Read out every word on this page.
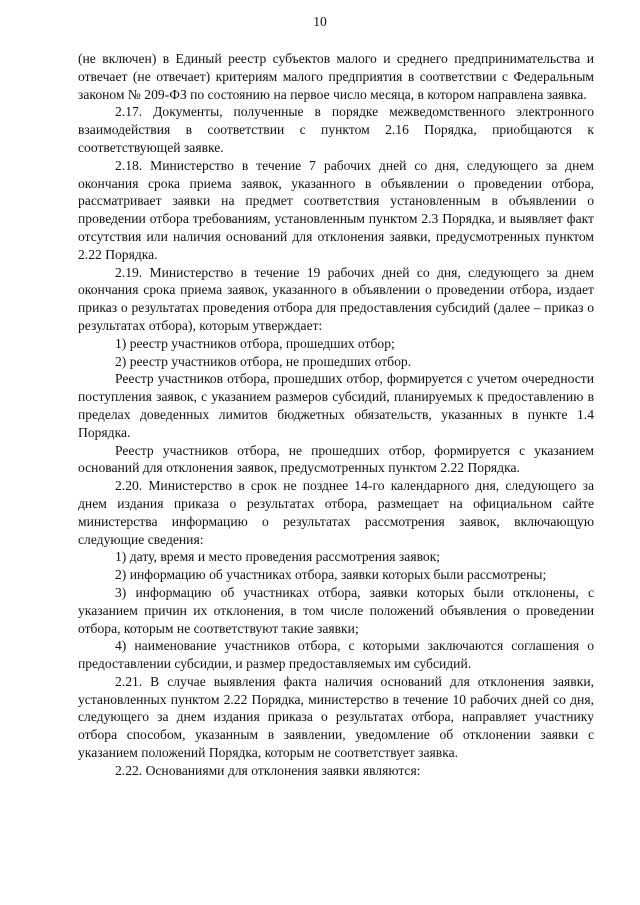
10

(не включен) в Единый реестр субъектов малого и среднего предпринимательства и отвечает (не отвечает) критериям малого предприятия в соответствии с Федеральным законом № 209-ФЗ по состоянию на первое число месяца, в котором направлена заявка.

2.17. Документы, полученные в порядке межведомственного электронного взаимодействия в соответствии с пунктом 2.16 Порядка, приобщаются к соответствующей заявке.

2.18. Министерство в течение 7 рабочих дней со дня, следующего за днем окончания срока приема заявок, указанного в объявлении о проведении отбора, рассматривает заявки на предмет соответствия установленным в объявлении о проведении отбора требованиям, установленным пунктом 2.3 Порядка, и выявляет факт отсутствия или наличия оснований для отклонения заявки, предусмотренных пунктом 2.22 Порядка.

2.19. Министерство в течение 19 рабочих дней со дня, следующего за днем окончания срока приема заявок, указанного в объявлении о проведении отбора, издает приказ о результатах проведения отбора для предоставления субсидий (далее – приказ о результатах отбора), которым утверждает:

1) реестр участников отбора, прошедших отбор;

2) реестр участников отбора, не прошедших отбор.

Реестр участников отбора, прошедших отбор, формируется с учетом очередности поступления заявок, с указанием размеров субсидий, планируемых к предоставлению в пределах доведенных лимитов бюджетных обязательств, указанных в пункте 1.4 Порядка.

Реестр участников отбора, не прошедших отбор, формируется с указанием оснований для отклонения заявок, предусмотренных пунктом 2.22 Порядка.

2.20. Министерство в срок не позднее 14-го календарного дня, следующего за днем издания приказа о результатах отбора, размещает на официальном сайте министерства информацию о результатах рассмотрения заявок, включающую следующие сведения:

1) дату, время и место проведения рассмотрения заявок;

2) информацию об участниках отбора, заявки которых были рассмотрены;

3) информацию об участниках отбора, заявки которых были отклонены, с указанием причин их отклонения, в том числе положений объявления о проведении отбора, которым не соответствуют такие заявки;

4) наименование участников отбора, с которыми заключаются соглашения о предоставлении субсидии, и размер предоставляемых им субсидий.

2.21. В случае выявления факта наличия оснований для отклонения заявки, установленных пунктом 2.22 Порядка, министерство в течение 10 рабочих дней со дня, следующего за днем издания приказа о результатах отбора, направляет участнику отбора способом, указанным в заявлении, уведомление об отклонении заявки с указанием положений Порядка, которым не соответствует заявка.

2.22. Основаниями для отклонения заявки являются:
